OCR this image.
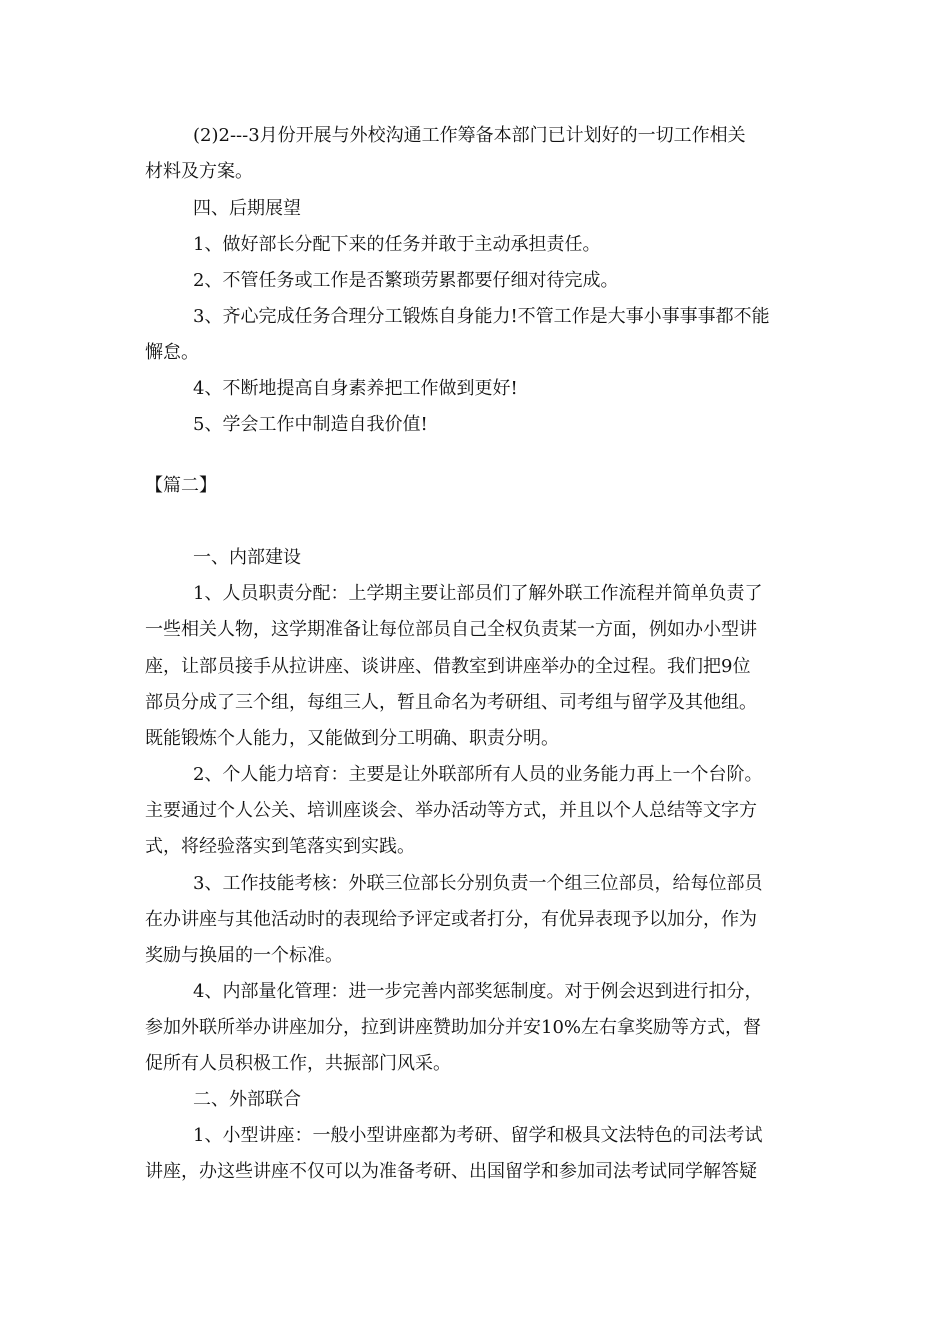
(2)2---3月份开展与外校沟通工作筹备本部门已计划好的一切工作相关

材料及方案。

四、后期展望

1、做好部长分配下来的任务并敢于主动承担责任。

2、不管任务或工作是否繁琐劳累都要仔细对待完成。

3、齐心完成任务合理分工锻炼自身能力!不管工作是大事小事事事都不能

懈怠。

4、不断地提高自身素养把工作做到更好!

5、学会工作中制造自我价值!

【篇二】

一、内部建设

1、人员职责分配：上学期主要让部员们了解外联工作流程并简单负责了

一些相关人物，这学期准备让每位部员自己全权负责某一方面，例如办小型讲

座，让部员接手从拉讲座、谈讲座、借教室到讲座举办的全过程。我们把9位

部员分成了三个组，每组三人，暂且命名为考研组、司考组与留学及其他组。

既能锻炼个人能力，又能做到分工明确、职责分明。

2、个人能力培育：主要是让外联部所有人员的业务能力再上一个台阶。

主要通过个人公关、培训座谈会、举办活动等方式，并且以个人总结等文字方

式，将经验落实到笔落实到实践。

3、工作技能考核：外联三位部长分别负责一个组三位部员，给每位部员

在办讲座与其他活动时的表现给予评定或者打分，有优异表现予以加分，作为

奖励与换届的一个标准。

4、内部量化管理：进一步完善内部奖惩制度。对于例会迟到进行扣分，

参加外联所举办讲座加分，拉到讲座赞助加分并安10%左右拿奖励等方式，督

促所有人员积极工作，共振部门风采。

二、外部联合

1、小型讲座：一般小型讲座都为考研、留学和极具文法特色的司法考试

讲座，办这些讲座不仅可以为准备考研、出国留学和参加司法考试同学解答疑
